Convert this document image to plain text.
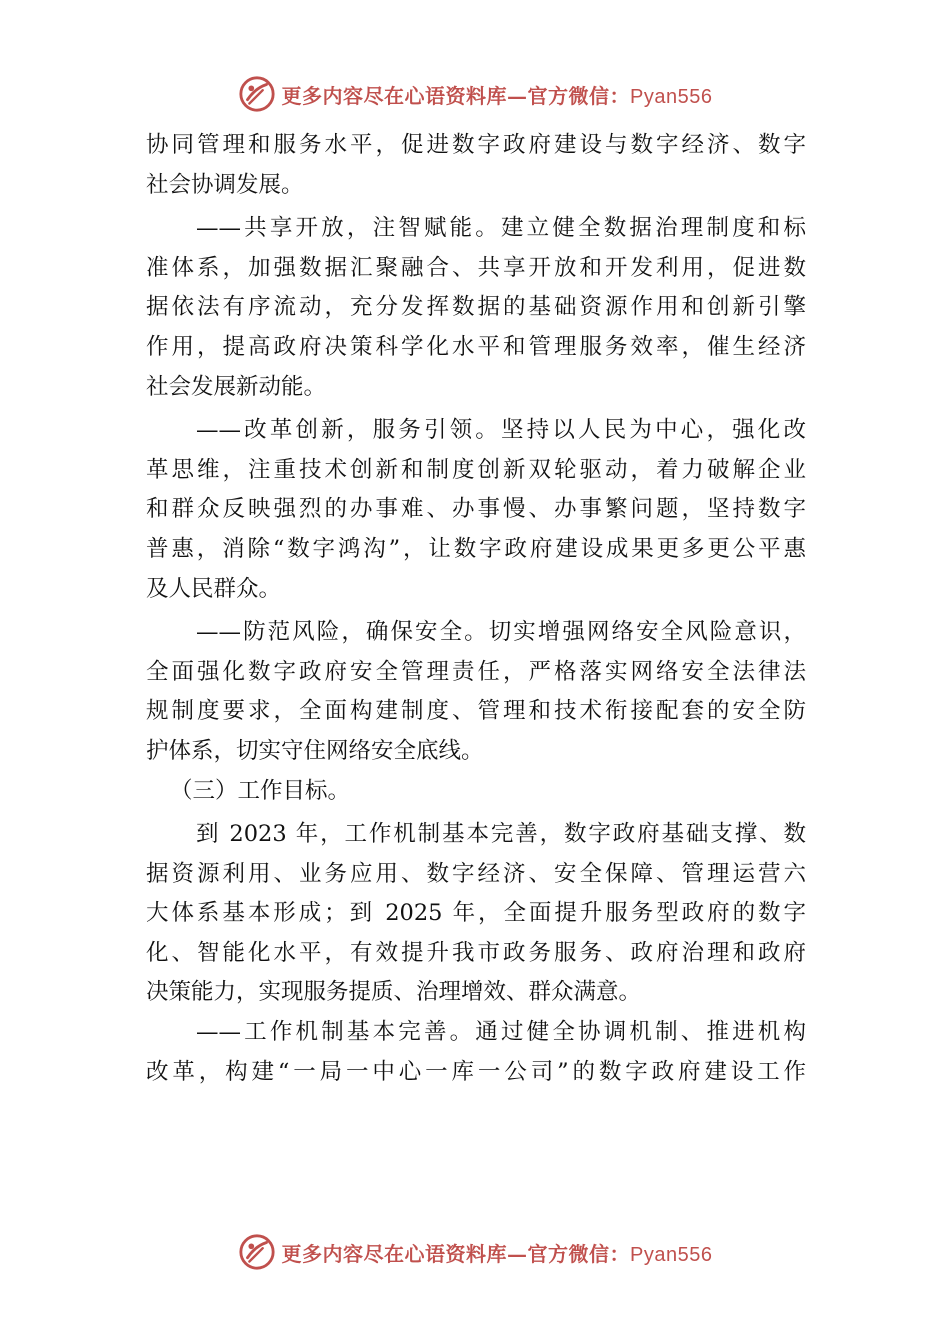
更多内容尽在心语资料库—官方微信：Pyan556
协同管理和服务水平，促进数字政府建设与数字经济、数字
社会协调发展。
——共享开放，注智赋能。建立健全数据治理制度和标
准体系，加强数据汇聚融合、共享开放和开发利用，促进数
据依法有序流动，充分发挥数据的基础资源作用和创新引擎
作用，提高政府决策科学化水平和管理服务效率，催生经济
社会发展新动能。
——改革创新，服务引领。坚持以人民为中心，强化改
革思维，注重技术创新和制度创新双轮驱动，着力破解企业
和群众反映强烈的办事难、办事慢、办事繁问题，坚持数字
普惠，消除“数字鸿沟”，让数字政府建设成果更多更公平惠
及人民群众。
——防范风险，确保安全。切实增强网络安全风险意识，
全面强化数字政府安全管理责任，严格落实网络安全法律法
规制度要求，全面构建制度、管理和技术衔接配套的安全防
护体系，切实守住网络安全底线。
（三）工作目标。
到 2023 年，工作机制基本完善，数字政府基础支撑、数
据资源利用、业务应用、数字经济、安全保障、管理运营六
大体系基本形成；到 2025 年，全面提升服务型政府的数字
化、智能化水平，有效提升我市政务服务、政府治理和政府
决策能力，实现服务提质、治理增效、群众满意。
——工作机制基本完善。通过健全协调机制、推进机构
改革，构建“一局一中心一库一公司”的数字政府建设工作
更多内容尽在心语资料库—官方微信：Pyan556
